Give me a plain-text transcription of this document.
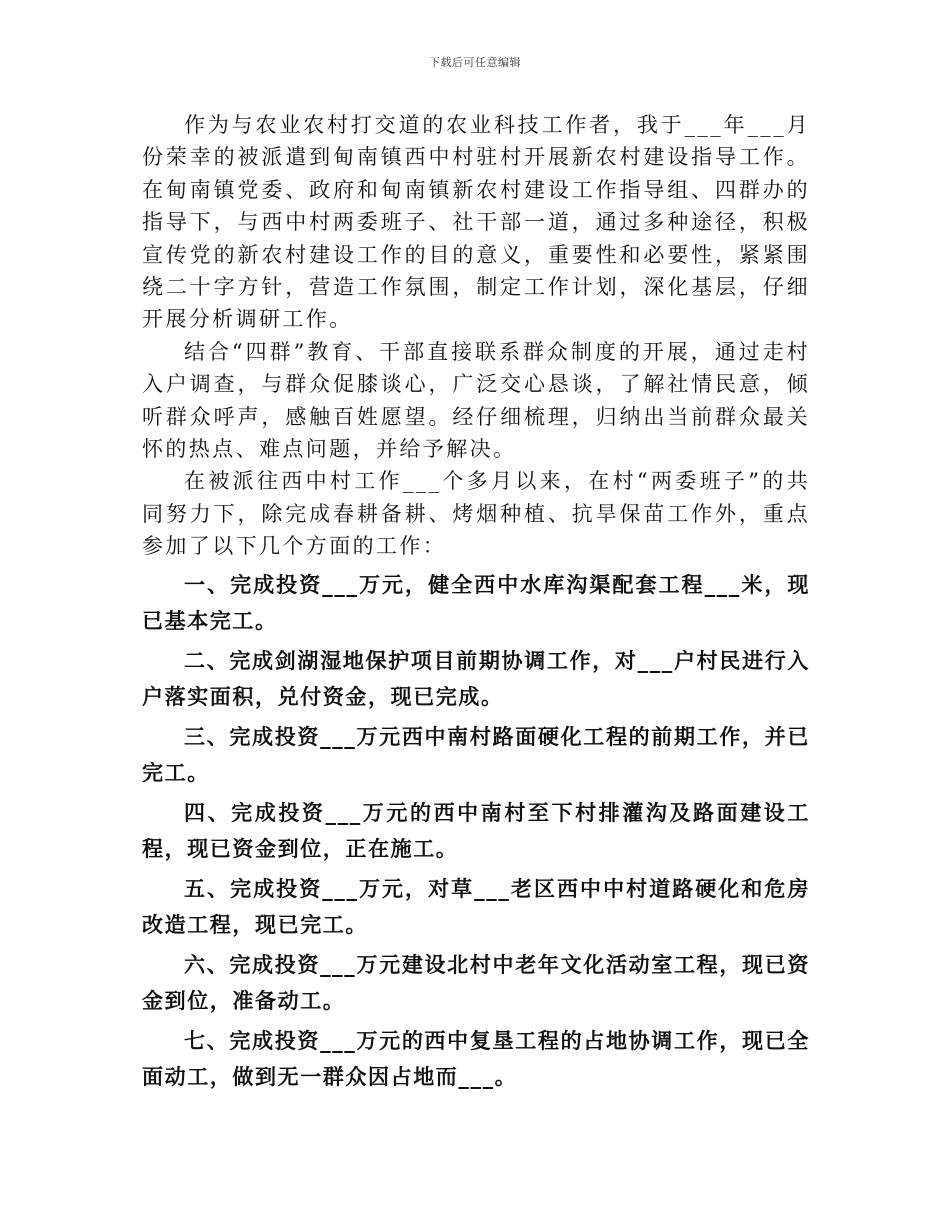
下载后可任意编辑

作为与农业农村打交道的农业科技工作者，我于___年___月份荣幸的被派遣到甸南镇西中村驻村开展新农村建设指导工作。在甸南镇党委、政府和甸南镇新农村建设工作指导组、四群办的指导下，与西中村两委班子、社干部一道，通过多种途径，积极宣传党的新农村建设工作的目的意义，重要性和必要性，紧紧围绕二十字方针，营造工作氛围，制定工作计划，深化基层，仔细开展分析调研工作。

结合“四群”教育、干部直接联系群众制度的开展，通过走村入户调查，与群众促膝谈心，广泛交心恳谈，了解社情民意，倾听群众呼声，感触百姓愿望。经仔细梳理，归纳出当前群众最关怀的热点、难点问题，并给予解决。

在被派往西中村工作___个多月以来，在村“两委班子”的共同努力下，除完成春耕备耕、烤烟种植、抗旱保苗工作外，重点参加了以下几个方面的工作：

一、完成投资___万元，健全西中水库沟渠配套工程___米，现已基本完工。

二、完成剑湖湿地保护项目前期协调工作，对___户村民进行入户落实面积，兑付资金，现已完成。

三、完成投资___万元西中南村路面硬化工程的前期工作，并已完工。

四、完成投资___万元的西中南村至下村排灌沟及路面建设工程，现已资金到位，正在施工。

五、完成投资___万元，对草___老区西中中村道路硬化和危房改造工程，现已完工。

六、完成投资___万元建设北村中老年文化活动室工程，现已资金到位，准备动工。

七、完成投资___万元的西中复垦工程的占地协调工作，现已全面动工，做到无一群众因占地而___。
